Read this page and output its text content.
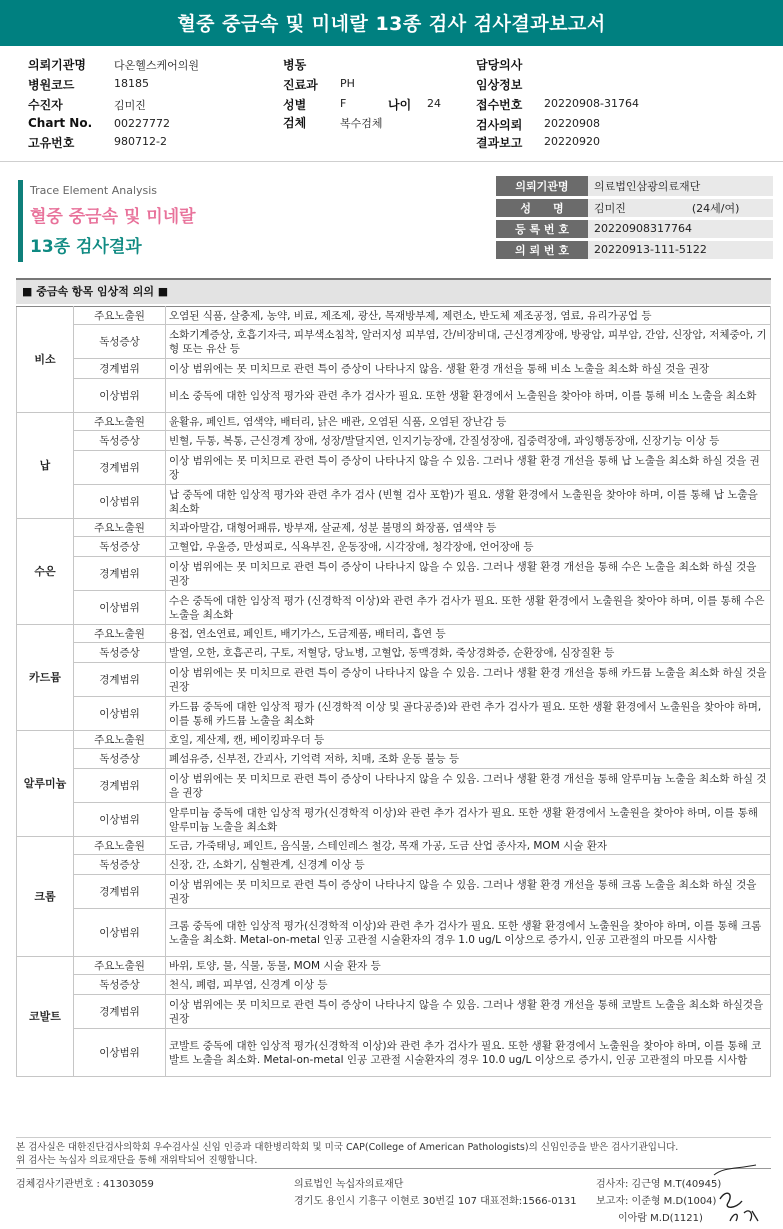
혈중 중금속 및 미네랄 13종 검사 검사결과보고서
의뢰기관명	다온헬스케어의원	병동	담당의사
병원코드	18185	진료과 PH	임상정보
수진자	김미진	성별	F	나이 24	접수번호 20220908-31764
Chart No. 00227772	검체	복수검체	검사의뢰 20220908
고유번호	980712-2	결과보고 20220920
Trace Element Analysis
혈중 중금속 및 미네랄
13종 검사결과
의뢰기관명	의료법인삼광의료재단
성　　명	김미진　　　　　　(24세/여)
등 록 번 호	20220908317764
의 뢰 번 호	20220913-111-5122
■ 중금속 항목 임상적 의의 ■
비소	주요노출원	오염된 식품, 살충제, 농약, 비료, 제조제, 광산, 목재방부제, 제련소, 반도체 제조공정, 염료, 유리가공업 등
	독성증상	소화기계증상, 호흡기자극, 피부색소침착, 알러지성 피부염, 간/비장비대, 근신경계장애, 방광암, 피부암, 간암, 신장암, 저체중아, 기형 또는 유산 등
	경계범위	이상 범위에는 못 미치므로 관련 특이 증상이 나타나지 않음. 생활 환경 개선을 통해 비소 노출을 최소화 하실 것을 권장
	이상범위	비소 중독에 대한 임상적 평가와 관련 추가 검사가 필요. 또한 생활 환경에서 노출원을 찾아야 하며, 이를 통해 비소 노출을 최소화
납	주요노출원	윤활유, 페인트, 염색약, 배터리, 낡은 배관, 오염된 식품, 오염된 장난감 등
	독성증상	빈혈, 두통, 복통, 근신경계 장애, 성장/발달지연, 인지기능장애, 간질성장애, 집중력장애, 과잉행동장애, 신장기능 이상 등
	경계범위	이상 범위에는 못 미치므로 관련 특이 증상이 나타나지 않을 수 있음. 그러나 생활 환경 개선을 통해 납 노출을 최소화 하실 것을 권장
	이상범위	납 중독에 대한 임상적 평가와 관련 추가 검사 (빈혈 검사 포함)가 필요. 생활 환경에서 노출원을 찾아야 하며, 이를 통해 납 노출을 최소화
수은	주요노출원	치과아말감, 대형어패류, 방부재, 살균제, 성분 불명의 화장품, 염색약 등
	독성증상	고혈압, 우울증, 만성피로, 식욕부진, 운동장애, 시각장애, 청각장애, 언어장애 등
	경계범위	이상 범위에는 못 미치므로 관련 특이 증상이 나타나지 않을 수 있음. 그러나 생활 환경 개선을 통해 수은 노출을 최소화 하실 것을 권장
	이상범위	수은 중독에 대한 임상적 평가 (신경학적 이상)와 관련 추가 검사가 필요. 또한 생활 환경에서 노출원을 찾아야 하며, 이를 통해 수은 노출을 최소화
카드뮴	주요노출원	용접, 연소연료, 페인트, 배기가스, 도금제품, 배터리, 흡연 등
	독성증상	발열, 오한, 호흡곤리, 구토, 저혈당, 당뇨병, 고혈압, 동맥경화, 죽상경화증, 순환장애, 심장질환 등
	경계범위	이상 범위에는 못 미치므로 관련 특이 증상이 나타나지 않을 수 있음. 그러나 생활 환경 개선을 통해 카드뮴 노출을 최소화 하실 것을 권장
	이상범위	카드뮴 중독에 대한 임상적 평가 (신경학적 이상 및 골다공증)와 관련 추가 검사가 필요. 또한 생활 환경에서 노출원을 찾아야 하며, 이를 통해 카드뮴 노출을 최소화
알루미늄	주요노출원	호일, 제산제, 캔, 베이킹파우더 등
	독성증상	폐섬유증, 신부전, 간괴사, 기억력 저하, 치매, 조화 운동 불능 등
	경계범위	이상 범위에는 못 미치므로 관련 특이 증상이 나타나지 않을 수 있음. 그러나 생활 환경 개선을 통해 알루미늄 노출을 최소화 하실 것을 권장
	이상범위	알루미늄 중독에 대한 임상적 평가(신경학적 이상)와 관련 추가 검사가 필요. 또한 생활 환경에서 노출원을 찾아야 하며, 이를 통해 알루미늄 노출을 최소화
크롬	주요노출원	도금, 가죽태닝, 페인트, 음식물, 스테인레스 철강, 목재 가공, 도금 산업 종사자, MOM 시술 환자
	독성증상	신장, 간, 소화기, 심혈관계, 신경계 이상 등
	경계범위	이상 범위에는 못 미치므로 관련 특이 증상이 나타나지 않을 수 있음. 그러나 생활 환경 개선을 통해 크롬 노출을 최소화 하실 것을 권장
	이상범위	크롬 중독에 대한 임상적 평가(신경학적 이상)와 관련 추가 검사가 필요. 또한 생활 환경에서 노출원을 찾아야 하며, 이를 통해 크롬 노출을 최소화. Metal-on-metal 인공 고관절 시술환자의 경우 1.0 ug/L 이상으로 증가시, 인공 고관절의 마모를 시사함
코발트	주요노출원	바위, 토양, 물, 식물, 동물, MOM 시술 환자 등
	독성증상	천식, 폐렴, 피부염, 신경계 이상 등
	경계범위	이상 범위에는 못 미치므로 관련 특이 증상이 나타나지 않을 수 있음. 그러나 생활 환경 개선을 통해 코발트 노출을 최소화 하실것을 권장
	이상범위	코발트 중독에 대한 임상적 평가(신경학적 이상)와 관련 추가 검사가 필요. 또한 생활 환경에서 노출원을 찾아야 하며, 이를 통해 코발트 노출을 최소화. Metal-on-metal 인공 고관절 시술환자의 경우 10.0 ug/L 이상으로 증가시, 인공 고관절의 마모를 시사함
본 검사실은 대한진단검사의학회 우수검사실 신임 인증과 대한병리학회 및 미국 CAP(College of American Pathologists)의 신임인증을 받은 검사기관입니다.
위 검사는 녹십자 의료재단을 통해 재위탁되어 진행합니다.
검체검사기관번호 : 41303059	의료법인 녹십자의료재단
경기도 용인시 기흥구 이현로 30번길 107 대표전화:1566-0131
검사자: 김근영 M.T(40945)
보고자: 이준형 M.D(1004)
이아람 M.D(1121)
